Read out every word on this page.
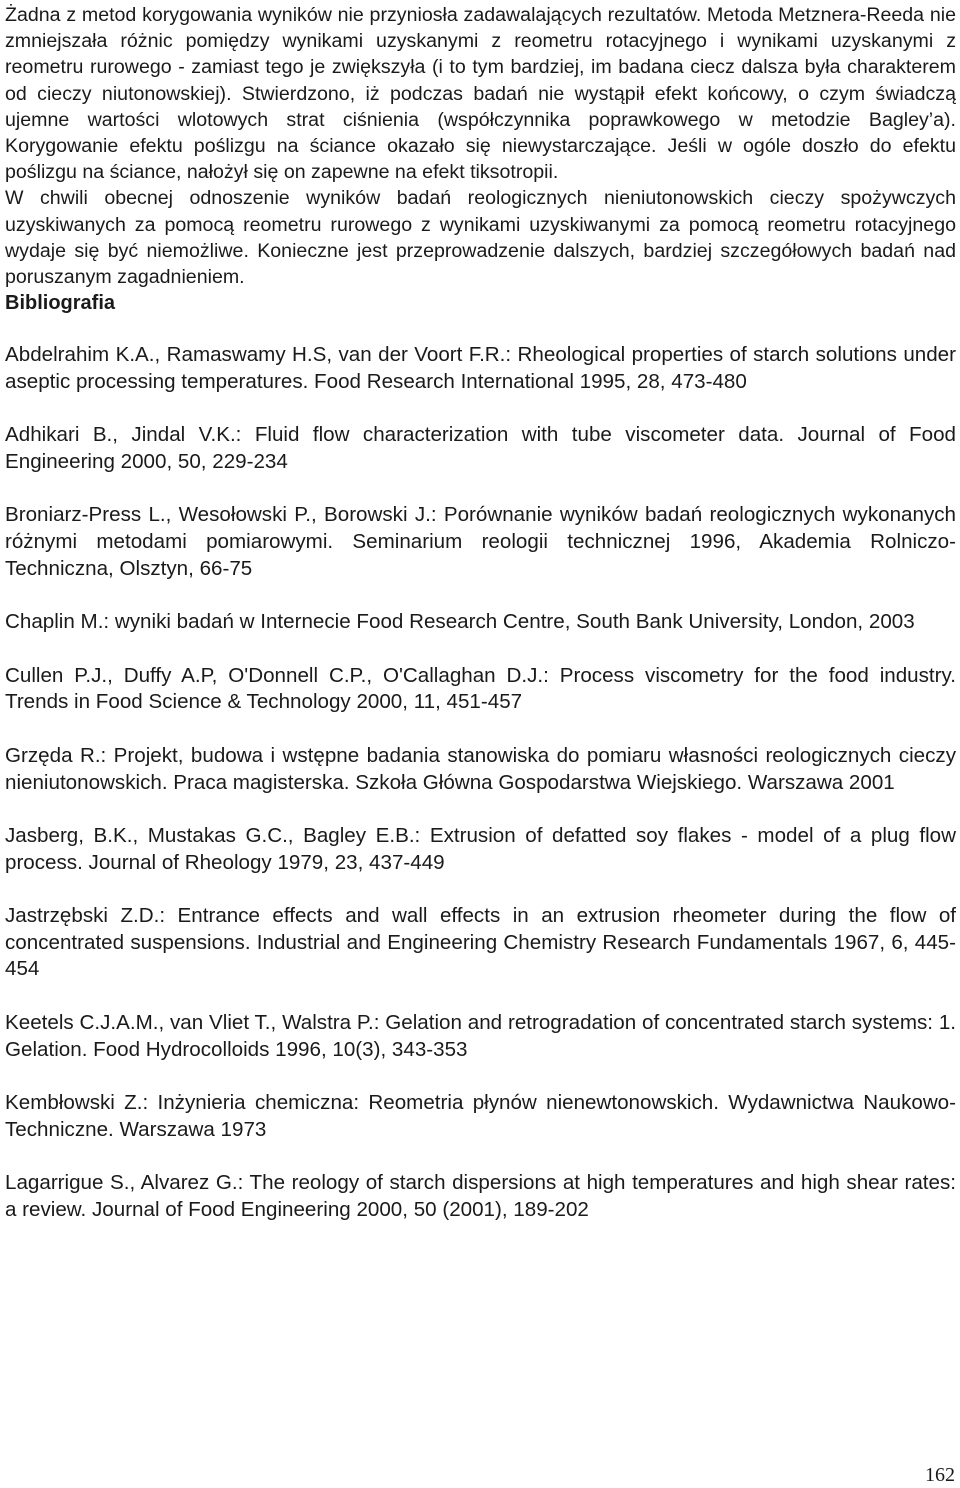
Żadna z metod korygowania wyników nie przyniosła zadawalających rezultatów. Metoda Metznera-Reeda nie zmniejszała różnic pomiędzy wynikami uzyskanymi z reometru rotacyjnego i wynikami uzyskanymi z reometru rurowego - zamiast tego je zwiększyła (i to tym bardziej, im badana ciecz dalsza była charakterem od cieczy niutonowskiej). Stwierdzono, iż podczas badań nie wystąpił efekt końcowy, o czym świadczą ujemne wartości wlotowych strat ciśnienia (współczynnika poprawkowego w metodzie Bagley’a). Korygowanie efektu poślizgu na ściance okazało się niewystarczające. Jeśli w ogóle doszło do efektu poślizgu na ściance, nałożył się on zapewne na efekt tiksotropii.

W chwili obecnej odnoszenie wyników badań reologicznych nieniutonowskich cieczy spożywczych uzyskiwanych za pomocą reometru rurowego z wynikami uzyskiwanymi za pomocą reometru rotacyjnego wydaje się być niemożliwe. Konieczne jest przeprowadzenie dalszych, bardziej szczegółowych badań nad poruszanym zagadnieniem.

Bibliografia

Abdelrahim K.A., Ramaswamy H.S, van der Voort F.R.: Rheological properties of starch solutions under aseptic processing temperatures. Food Research International 1995, 28, 473-480

Adhikari B., Jindal V.K.: Fluid flow characterization with tube viscometer data. Journal of Food Engineering 2000, 50, 229-234

Broniarz-Press L., Wesołowski P., Borowski J.: Porównanie wyników badań reologicznych wykonanych różnymi metodami pomiarowymi. Seminarium reologii technicznej 1996, Akademia Rolniczo-Techniczna, Olsztyn, 66-75

Chaplin M.: wyniki badań w Internecie Food Research Centre, South Bank University, London, 2003

Cullen P.J., Duffy A.P, O'Donnell C.P., O'Callaghan D.J.: Process viscometry for the food industry. Trends in Food Science & Technology 2000, 11, 451-457

Grzęda R.: Projekt, budowa i wstępne badania stanowiska do pomiaru własności reologicznych cieczy nieniutonowskich. Praca magisterska. Szkoła Główna Gospodarstwa Wiejskiego. Warszawa 2001

Jasberg, B.K., Mustakas G.C., Bagley E.B.: Extrusion of defatted soy flakes - model of a plug flow process. Journal of Rheology 1979, 23, 437-449

Jastrzębski Z.D.: Entrance effects and wall effects in an extrusion rheometer during the flow of concentrated suspensions. Industrial and Engineering Chemistry Research Fundamentals 1967, 6, 445-454

Keetels C.J.A.M., van Vliet T., Walstra P.: Gelation and retrogradation of concentrated starch systems: 1. Gelation. Food Hydrocolloids 1996, 10(3), 343-353

Kembłowski Z.: Inżynieria chemiczna: Reometria płynów nienewtonowskich. Wydawnictwa Naukowo-Techniczne. Warszawa 1973

Lagarrigue S., Alvarez G.: The reology of starch dispersions at high temperatures and high shear rates: a review. Journal of Food Engineering 2000, 50 (2001), 189-202

162
